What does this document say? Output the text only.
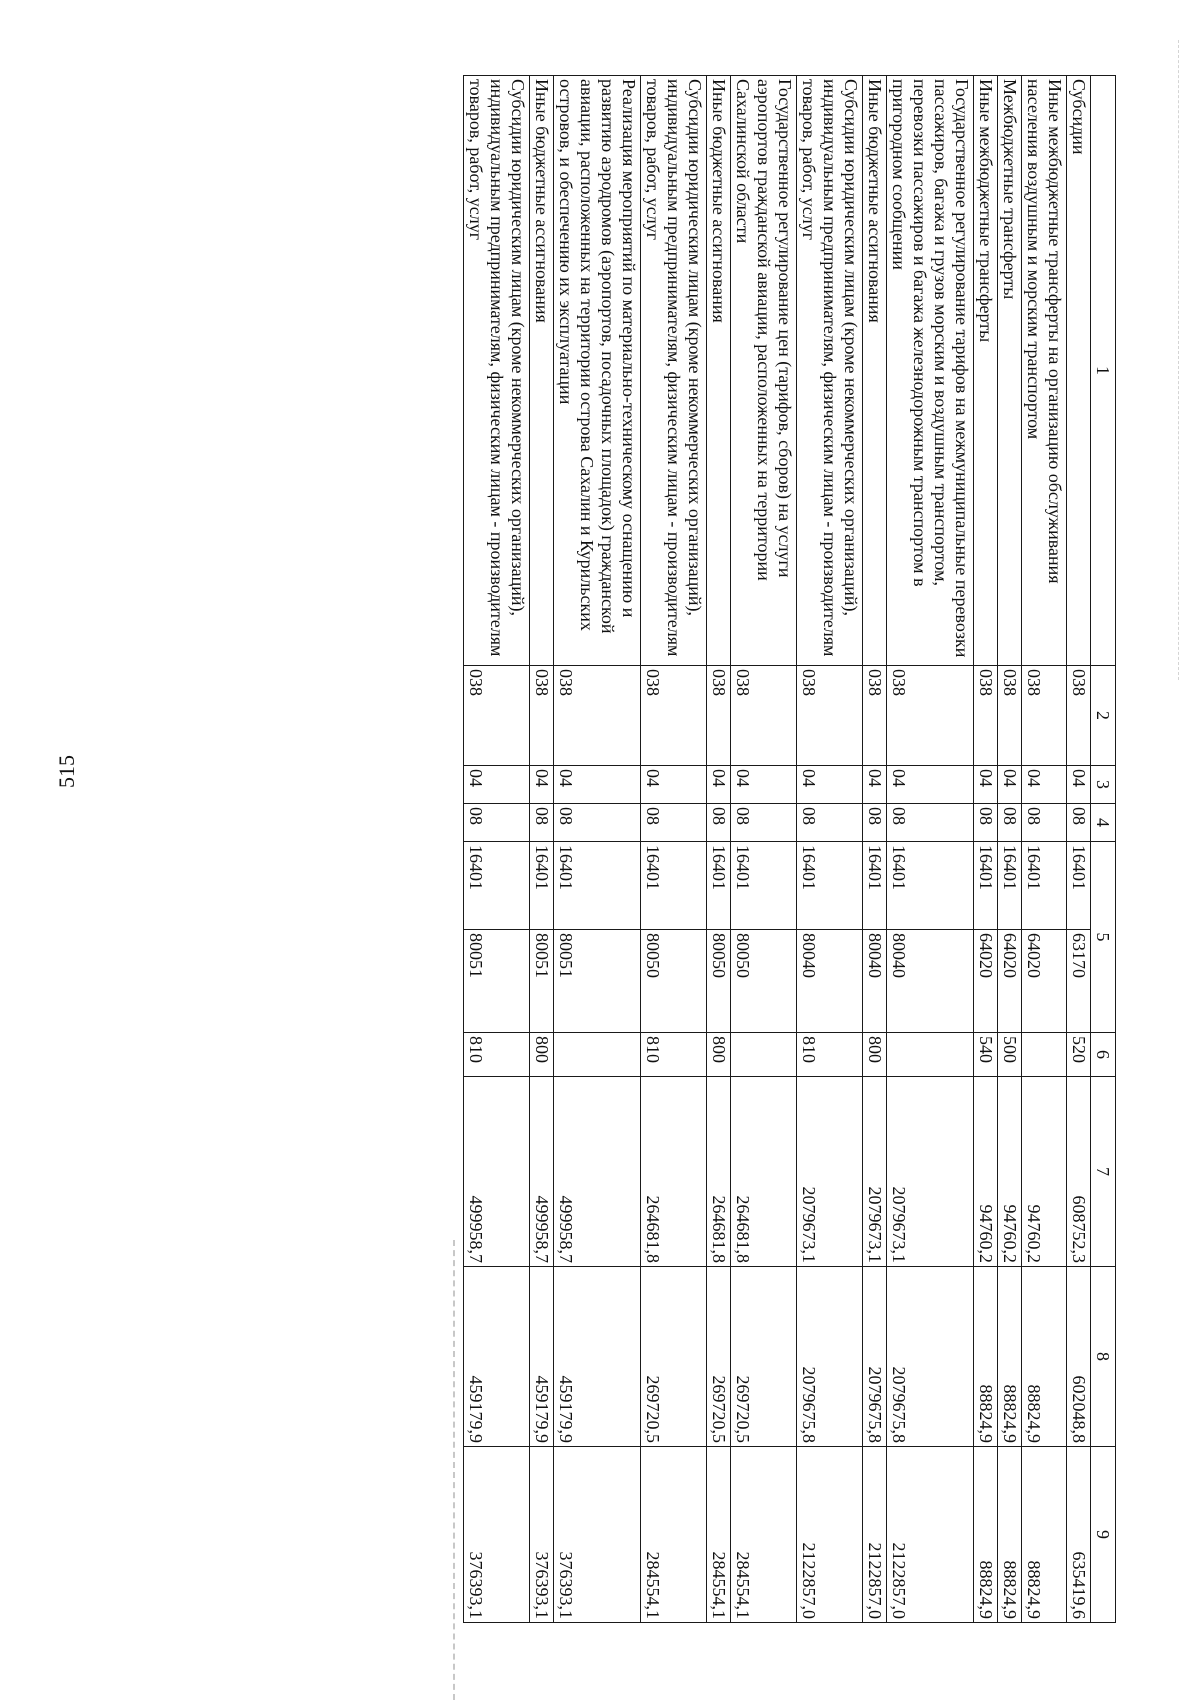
515
1	2	3	4	5		6	7	8	9
Субсидии	038	04	08	16401	63170	520	608752,3	602048,8	635419,6
Иные межбюджетные трансферты на организацию обслуживания населения воздушным и морским транспортом	038	04	08	16401	64020		94760,2	88824,9	88824,9
Межбюджетные трансферты	038	04	08	16401	64020	500	94760,2	88824,9	88824,9
Иные межбюджетные трансферты	038	04	08	16401	64020	540	94760,2	88824,9	88824,9
Государственное регулирование тарифов на межмуниципальные перевозки пассажиров, багажа и грузов морским и воздушным транспортом, перевозки пассажиров и багажа железнодорожным транспортом в пригородном сообщении	038	04	08	16401	80040		2079673,1	2079675,8	2122857,0
Иные бюджетные ассигнования	038	04	08	16401	80040	800	2079673,1	2079675,8	2122857,0
Субсидии юридическим лицам (кроме некоммерческих организаций), индивидуальным предпринимателям, физическим лицам - производителям товаров, работ, услуг	038	04	08	16401	80040	810	2079673,1	2079675,8	2122857,0
Государственное регулирование цен (тарифов, сборов) на услуги аэропортов гражданской авиации, расположенных на территории Сахалинской области	038	04	08	16401	80050		264681,8	269720,5	284554,1
Иные бюджетные ассигнования	038	04	08	16401	80050	800	264681,8	269720,5	284554,1
Субсидии юридическим лицам (кроме некоммерческих организаций), индивидуальным предпринимателям, физическим лицам - производителям товаров, работ, услуг	038	04	08	16401	80050	810	264681,8	269720,5	284554,1
Реализация мероприятий по материально-техническому оснащению и развитию аэродромов (аэропортов, посадочных площадок) гражданской авиации, расположенных на территории острова Сахалин и Курильских островов, и обеспечению их эксплуатации	038	04	08	16401	80051		499958,7	459179,9	376393,1
Иные бюджетные ассигнования	038	04	08	16401	80051	800	499958,7	459179,9	376393,1
Субсидии юридическим лицам (кроме некоммерческих организаций), индивидуальным предпринимателям, физическим лицам - производителям товаров, работ, услуг	038	04	08	16401	80051	810	499958,7	459179,9	376393,1
